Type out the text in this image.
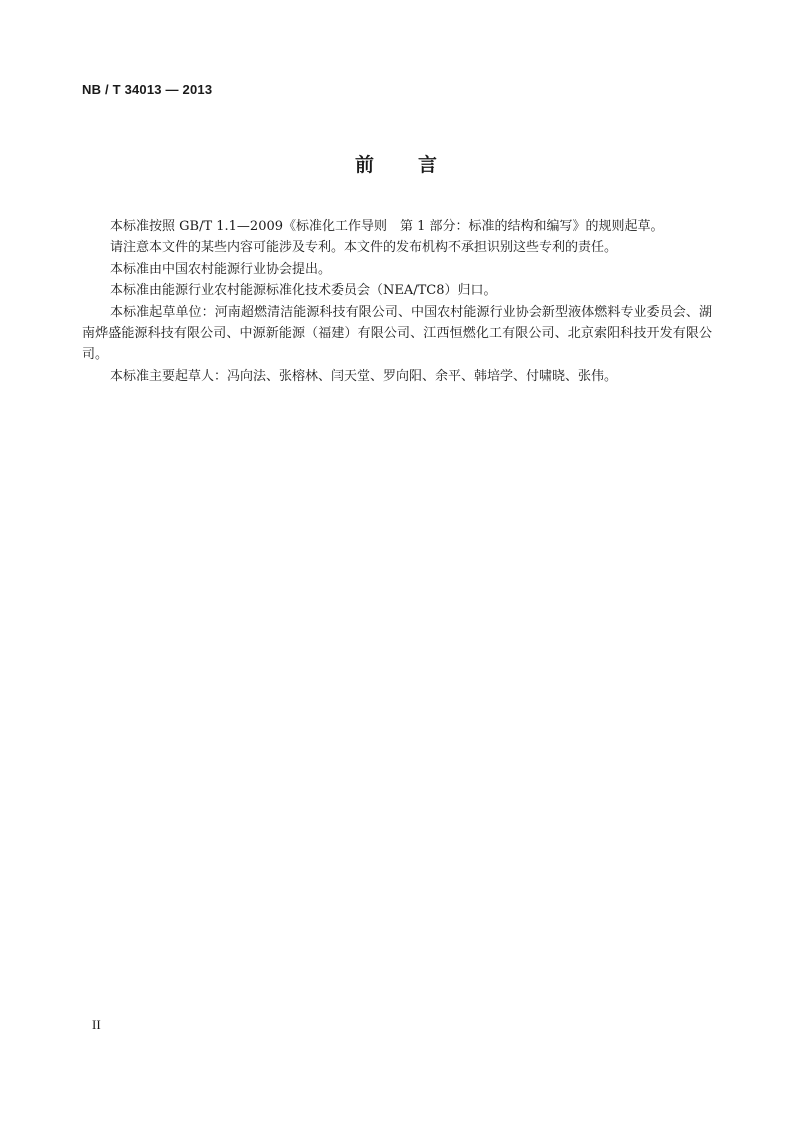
NB / T 34013 — 2013
前　　言

本标准按照 GB/T 1.1—2009《标准化工作导则　第 1 部分：标准的结构和编写》的规则起草。

请注意本文件的某些内容可能涉及专利。本文件的发布机构不承担识别这些专利的责任。

本标准由中国农村能源行业协会提出。

本标准由能源行业农村能源标准化技术委员会（NEA/TC8）归口。

本标准起草单位：河南超燃清洁能源科技有限公司、中国农村能源行业协会新型液体燃料专业委员会、湖南烨盛能源科技有限公司、中源新能源（福建）有限公司、江西恒燃化工有限公司、北京索阳科技开发有限公司。

本标准主要起草人：冯向法、张榕林、闫天堂、罗向阳、余平、韩培学、付啸晓、张伟。

II
